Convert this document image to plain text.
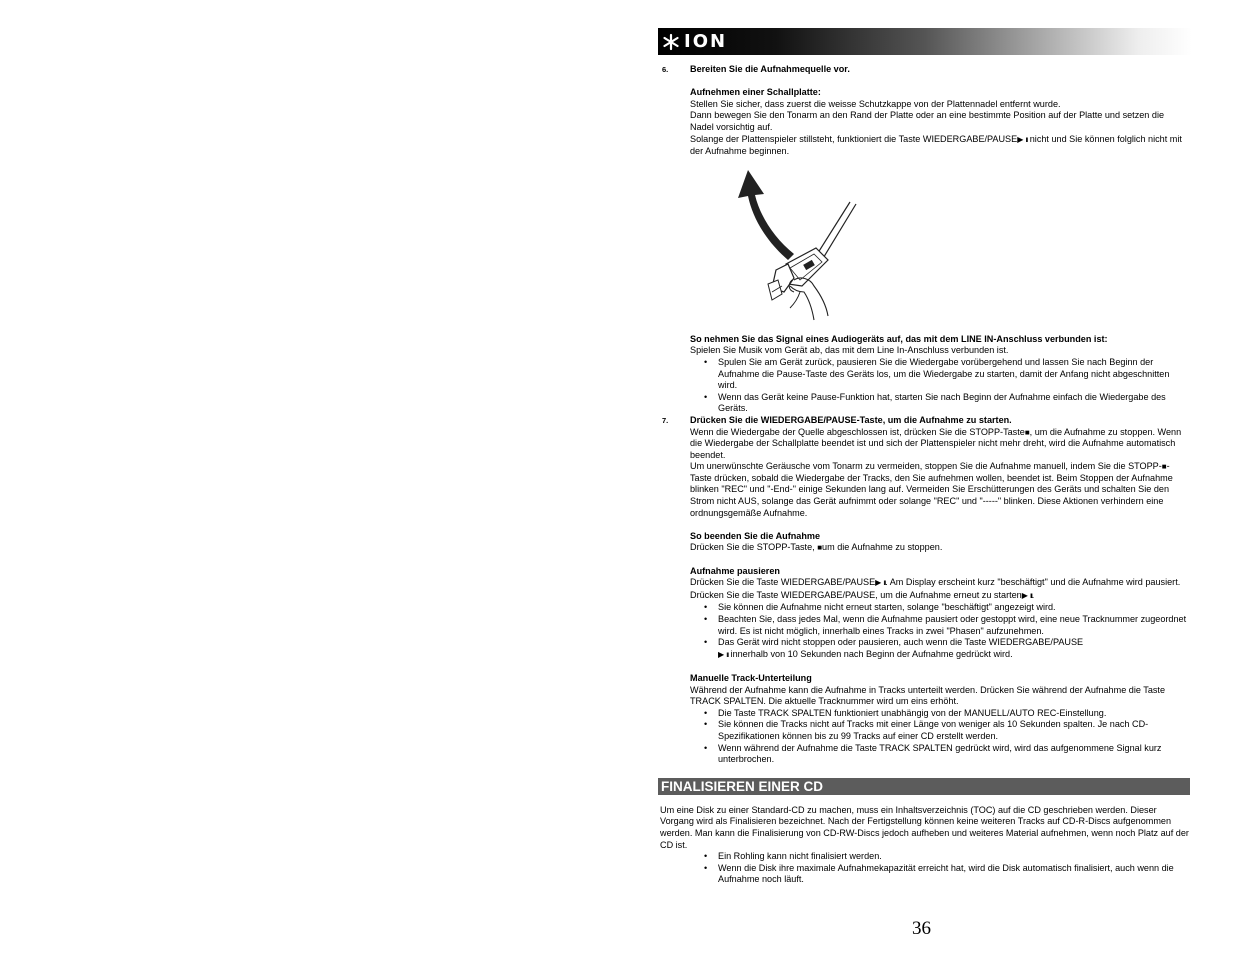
ION
6. Bereiten Sie die Aufnahmequelle vor.

Aufnehmen einer Schallplatte:

Stellen Sie sicher, dass zuerst die weisse Schutzkappe von der Plattennadel entfernt wurde.

Dann bewegen Sie den Tonarm an den Rand der Platte oder an eine bestimmte Position auf der Platte und setzen die Nadel vorsichtig auf.

Solange der Plattenspieler stillsteht, funktioniert die Taste WIEDERGABE/PAUSE▶ II nicht und Sie können folglich nicht mit der Aufnahme beginnen.

So nehmen Sie das Signal eines Audiogeräts auf, das mit dem LINE IN-Anschluss verbunden ist:

Spielen Sie Musik vom Gerät ab, das mit dem Line In-Anschluss verbunden ist.

• Spulen Sie am Gerät zurück, pausieren Sie die Wiedergabe vorübergehend und lassen Sie nach Beginn der Aufnahme die Pause-Taste des Geräts los, um die Wiedergabe zu starten, damit der Anfang nicht abgeschnitten wird.
• Wenn das Gerät keine Pause-Funktion hat, starten Sie nach Beginn der Aufnahme einfach die Wiedergabe des Geräts.
7. Drücken Sie die WIEDERGABE/PAUSE-Taste, um die Aufnahme zu starten.

Wenn die Wiedergabe der Quelle abgeschlossen ist, drücken Sie die STOPP-Taste■, um die Aufnahme zu stoppen. Wenn die Wiedergabe der Schallplatte beendet ist und sich der Plattenspieler nicht mehr dreht, wird die Aufnahme automatisch beendet.

Um unerwünschte Geräusche vom Tonarm zu vermeiden, stoppen Sie die Aufnahme manuell, indem Sie die STOPP-■-Taste drücken, sobald die Wiedergabe der Tracks, den Sie aufnehmen wollen, beendet ist. Beim Stoppen der Aufnahme blinken "REC" und "-End-" einige Sekunden lang auf. Vermeiden Sie Erschütterungen des Geräts und schalten Sie den Strom nicht AUS, solange das Gerät aufnimmt oder solange "REC" und "-----" blinken. Diese Aktionen verhindern eine ordnungsgemäße Aufnahme.

So beenden Sie die Aufnahme

Drücken Sie die STOPP-Taste, ■um die Aufnahme zu stoppen.

Aufnahme pausieren

Drücken Sie die Taste WIEDERGABE/PAUSE▶ II. Am Display erscheint kurz "beschäftigt" und die Aufnahme wird pausiert. Drücken Sie die Taste WIEDERGABE/PAUSE, um die Aufnahme erneut zu starten▶ II.

• Sie können die Aufnahme nicht erneut starten, solange "beschäftigt" angezeigt wird.
• Beachten Sie, dass jedes Mal, wenn die Aufnahme pausiert oder gestoppt wird, eine neue Tracknummer zugeordnet wird. Es ist nicht möglich, innerhalb eines Tracks in zwei "Phasen" aufzunehmen.
• Das Gerät wird nicht stoppen oder pausieren, auch wenn die Taste WIEDERGABE/PAUSE
▶ II innerhalb von 10 Sekunden nach Beginn der Aufnahme gedrückt wird.

Manuelle Track-Unterteilung

Während der Aufnahme kann die Aufnahme in Tracks unterteilt werden. Drücken Sie während der Aufnahme die Taste TRACK SPALTEN. Die aktuelle Tracknummer wird um eins erhöht.

• Die Taste TRACK SPALTEN funktioniert unabhängig von der MANUELL/AUTO REC-Einstellung.
• Sie können die Tracks nicht auf Tracks mit einer Länge von weniger als 10 Sekunden spalten. Je nach CD-Spezifikationen können bis zu 99 Tracks auf einer CD erstellt werden.
• Wenn während der Aufnahme die Taste TRACK SPALTEN gedrückt wird, wird das aufgenommene Signal kurz unterbrochen.
FINALISIEREN EINER CD

Um eine Disk zu einer Standard-CD zu machen, muss ein Inhaltsverzeichnis (TOC) auf die CD geschrieben werden. Dieser Vorgang wird als Finalisieren bezeichnet. Nach der Fertigstellung können keine weiteren Tracks auf CD-R-Discs aufgenommen werden. Man kann die Finalisierung von CD-RW-Discs jedoch aufheben und weiteres Material aufnehmen, wenn noch Platz auf der CD ist.

• Ein Rohling kann nicht finalisiert werden.
• Wenn die Disk ihre maximale Aufnahmekapazität erreicht hat, wird die Disk automatisch finalisiert, auch wenn die Aufnahme noch läuft.
36
